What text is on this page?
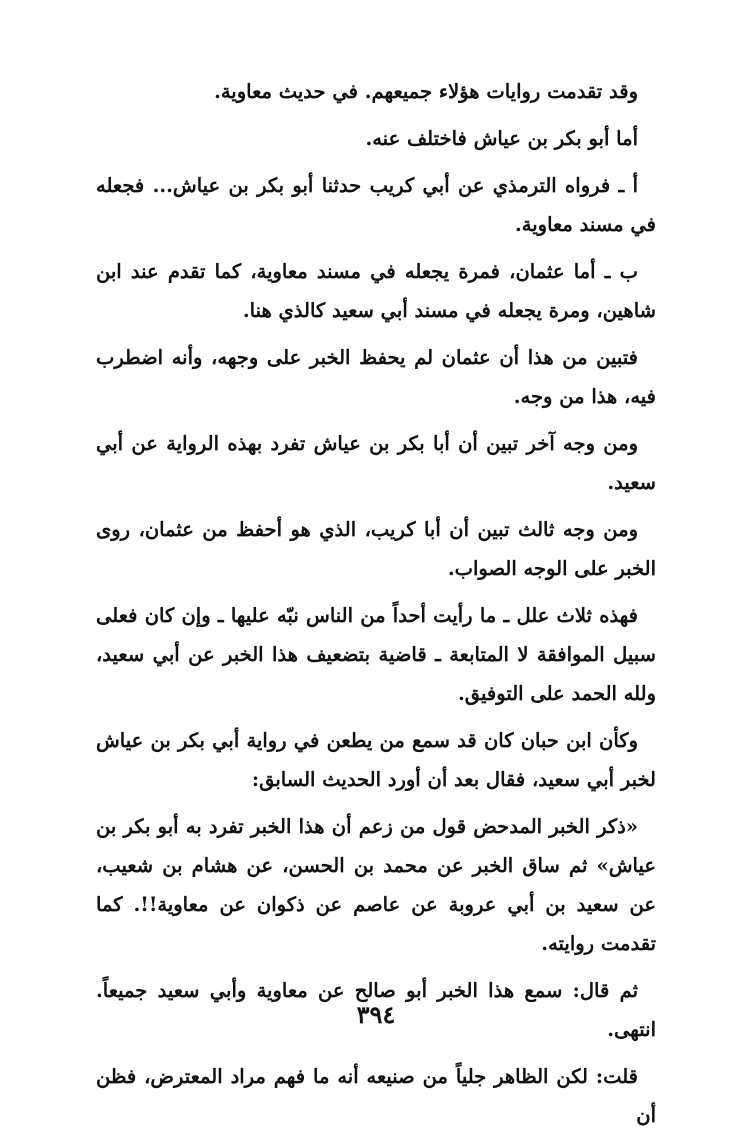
وقد تقدمت روايات هؤلاء جميعهم. في حديث معاوية.

أما أبو بكر بن عياش فاختلف عنه.

أ ـ فرواه الترمذي عن أبي كريب حدثنا أبو بكر بن عياش... فجعله في مسند معاوية.

ب ـ أما عثمان، فمرة يجعله في مسند معاوية، كما تقدم عند ابن شاهين، ومرة يجعله في مسند أبي سعيد كالذي هنا.

فتبين من هذا أن عثمان لم يحفظ الخبر على وجهه، وأنه اضطرب فيه، هذا من وجه.

ومن وجه آخر تبين أن أبا بكر بن عياش تفرد بهذه الرواية عن أبي سعيد.

ومن وجه ثالث تبين أن أبا كريب، الذي هو أحفظ من عثمان، روى الخبر على الوجه الصواب.

فهذه ثلاث علل ـ ما رأيت أحداً من الناس نبّه عليها ـ وإن كان فعلى سبيل الموافقة لا المتابعة ـ قاضية بتضعيف هذا الخبر عن أبي سعيد، ولله الحمد على التوفيق.

وكأن ابن حبان كان قد سمع من يطعن في رواية أبي بكر بن عياش لخبر أبي سعيد، فقال بعد أن أورد الحديث السابق:

«ذكر الخبر المدحض قول من زعم أن هذا الخبر تفرد به أبو بكر بن عياش» ثم ساق الخبر عن محمد بن الحسن، عن هشام بن شعيب، عن سعيد بن أبي عروبة عن عاصم عن ذكوان عن معاوية!!. كما تقدمت روايته.

ثم قال: سمع هذا الخبر أبو صالح عن معاوية وأبي سعيد جميعاً. انتهى.

قلت: لكن الظاهر جلياً من صنيعه أنه ما فهم مراد المعترض، فظن أن

٣٩٤
